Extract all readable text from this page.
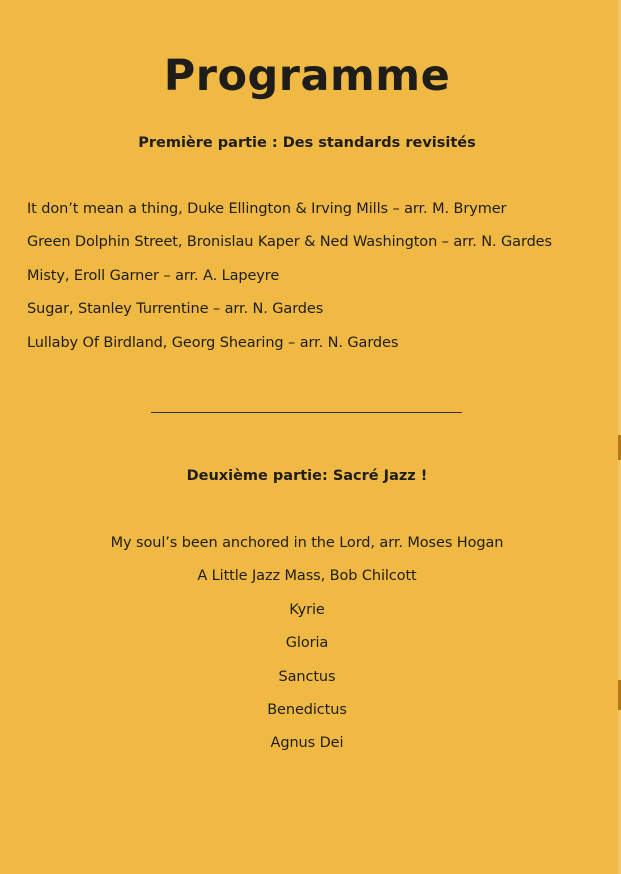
Programme
Première partie : Des standards revisités
It don’t mean a thing, Duke Ellington & Irving Mills – arr. M. Brymer
Green Dolphin Street, Bronislau Kaper & Ned Washington – arr. N. Gardes
Misty, Eroll Garner – arr. A. Lapeyre
Sugar, Stanley Turrentine – arr. N. Gardes
Lullaby Of Birdland, Georg Shearing – arr. N. Gardes
Deuxième partie: Sacré Jazz !
My soul’s been anchored in the Lord, arr. Moses Hogan
A Little Jazz Mass, Bob Chilcott
Kyrie
Gloria
Sanctus
Benedictus
Agnus Dei
